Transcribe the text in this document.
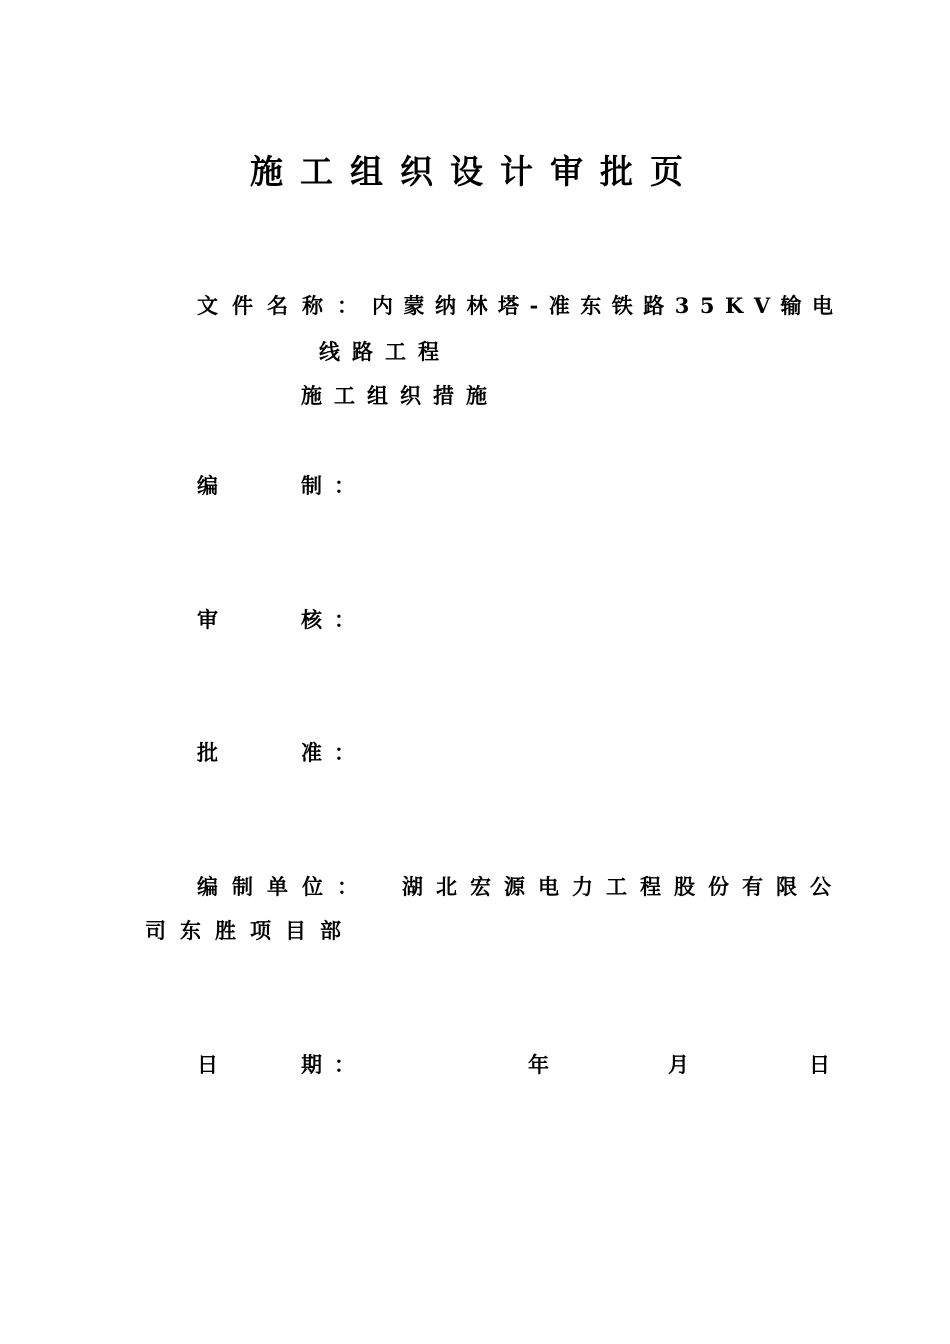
施工组织设计审批页
文件名称： 内蒙纳林塔-准东铁路35KV输电
线路工程
施工组织措施
编	制：
审	核：
批	准：
编制单位： 湖北宏源电力工程股份有限公
司东胜项目部
日	期：	年	月	日
